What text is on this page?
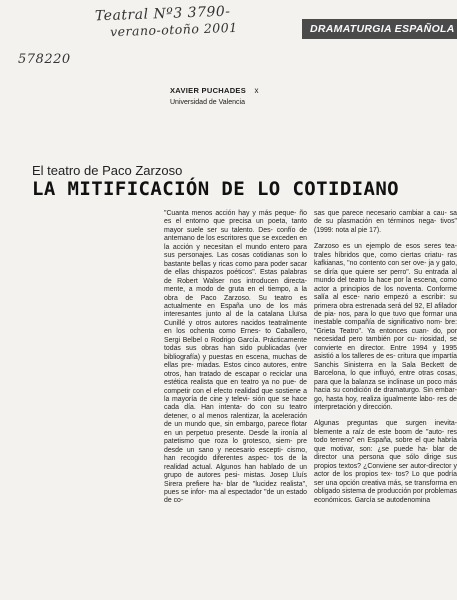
Teatral Nº3 3790-
verano-otoño 2001
578220
DRAMATURGIA ESPAÑOLA
XAVIER PUCHADES x
Universidad de Valencia
El teatro de Paco Zarzoso
LA MITIFICACIÓN DE LO COTIDIANO

"Cuanta menos acción hay y más peque- ño es el entorno que precisa un poeta, tanto mayor suele ser su talento. Des- confío de antemano de los escritores que se exceden en la acción y necesitan el mundo entero para sus personajes. Las cosas cotidianas son lo bastante bellas y ricas como para poder sacar de ellas chispazos poéticos". Estas palabras de Robert Walser nos introducen directa- mente, a modo de gruta en el tiempo, a la obra de Paco Zarzoso. Su teatro es actualmente en España uno de los más interesantes junto al de la catalana Lluïsa Cunillé y otros autores nacidos teatralmente en los ochenta como Ernes- to Caballero, Sergi Belbel o Rodrigo García. Prácticamente todas sus obras han sido publicadas (ver bibliografía) y puestas en escena, muchas de ellas pre- miadas. Estos cinco autores, entre otros, han tratado de escapar o reciclar una estética realista que en teatro ya no pue- de competir con el efecto realidad que sostiene a la mayoría de cine y televi- sión que se hace cada día. Han intenta- do con su teatro detener, o al menos ralentizar, la aceleración de un mundo que, sin embargo, parece flotar en un perpetuo presente. Desde la ironía al patetismo que roza lo grotesco, siem- pre desde un sano y necesario escepti- cismo, han recogido diferentes aspec- tos de la realidad actual. Algunos han hablado de un grupo de autores pesi- mistas. Josep Lluís Sirera prefiere ha- blar de "lucidez realista", pues se infor- ma al espectador "de un estado de co-

sas que parece necesario cambiar a cau- sa de su plasmación en términos nega- tivos" (1999: nota al pie 17).

Zarzoso es un ejemplo de esos seres tea- trales híbridos que, como ciertas criatu- ras kafkianas, "no contento con ser ove- ja y gato, se diría que quiere ser perro". Su entrada al mundo del teatro la hace por la escena, como actor a principios de los noventa. Conforme salía al esce- nario empezó a escribir: su primera obra estrenada será del 92, El afilador de pia- nos, para lo que tuvo que formar una inestable compañía de significativo nom- bre: "Grieta Teatro". Ya entonces cuan- do, por necesidad pero también por cu- riosidad, se convierte en director. Entre 1994 y 1995 asistió a los talleres de es- critura que impartía Sanchis Sinisterra en la Sala Beckett de Barcelona, lo que influyó, entre otras cosas, para que la balanza se inclinase un poco más hacia su condición de dramaturgo. Sin embar- go, hasta hoy, realiza igualmente labo- res de interpretación y dirección.

Algunas preguntas que surgen inevita- blemente a raíz de este boom de "auto- res todo terreno" en España, sobre el que habría que motivar, son: ¿se puede ha- blar de director una persona que sólo dirige sus propios textos? ¿Conviene ser autor-director y actor de los propios tex- tos? Lo que podría ser una opción creativa más, se transforma en obligado sistema de producción por problemas económicos. García se autodenomina
